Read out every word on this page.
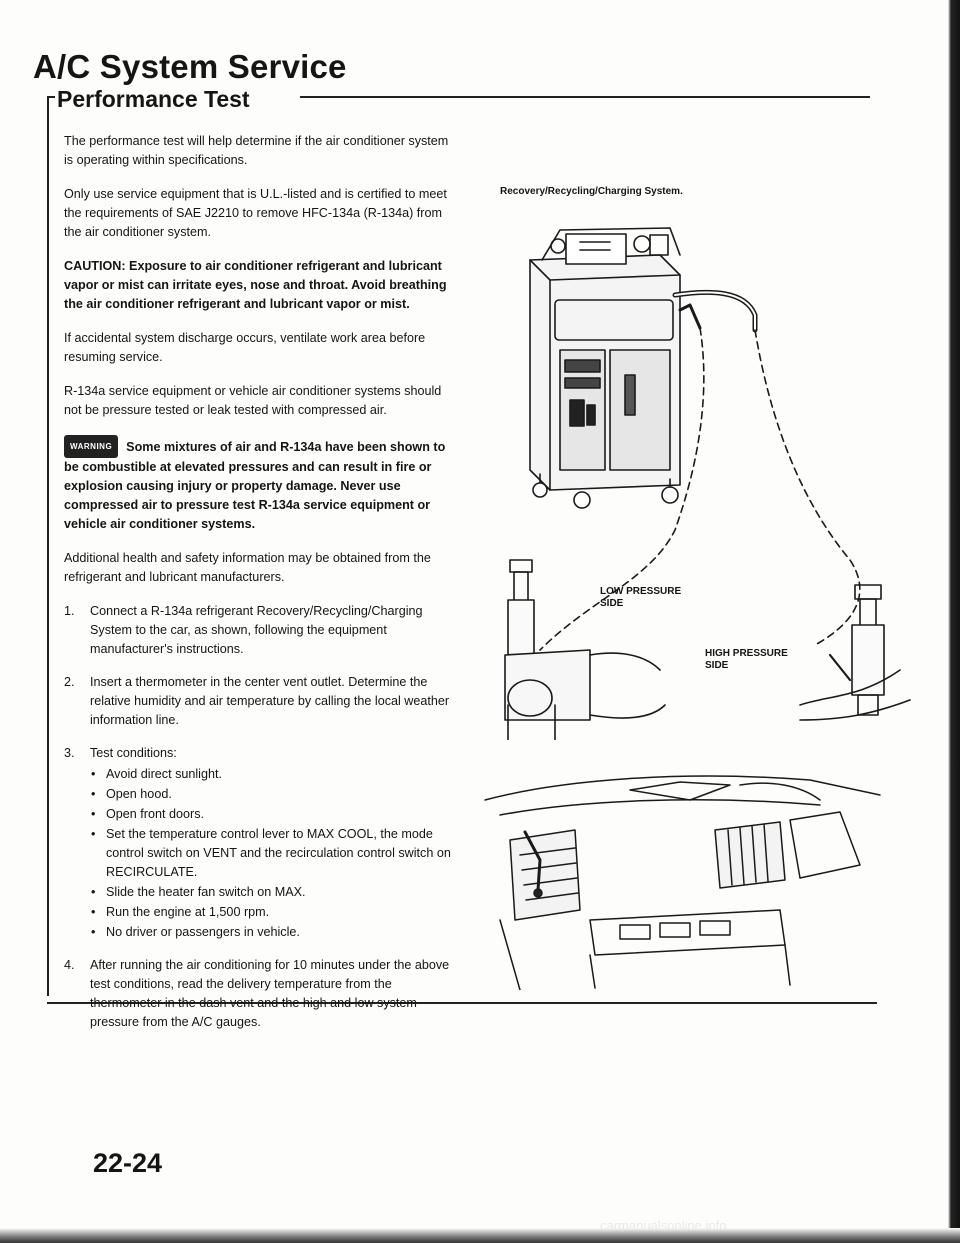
A/C System Service
Performance Test

The performance test will help determine if the air conditioner system is operating within specifications.

Only use service equipment that is U.L.-listed and is certified to meet the requirements of SAE J2210 to remove HFC-134a (R-134a) from the air conditioner system.

CAUTION: Exposure to air conditioner refrigerant and lubricant vapor or mist can irritate eyes, nose and throat. Avoid breathing the air conditioner refrigerant and lubricant vapor or mist.

If accidental system discharge occurs, ventilate work area before resuming service.

R-134a service equipment or vehicle air conditioner systems should not be pressure tested or leak tested with compressed air.

WARNING Some mixtures of air and R-134a have been shown to be combustible at elevated pressures and can result in fire or explosion causing injury or property damage. Never use compressed air to pressure test R-134a service equipment or vehicle air conditioner systems.

Additional health and safety information may be obtained from the refrigerant and lubricant manufacturers.

1. Connect a R-134a refrigerant Recovery/Recycling/Charging System to the car, as shown, following the equipment manufacturer's instructions.
2. Insert a thermometer in the center vent outlet. Determine the relative humidity and air temperature by calling the local weather information line.
3. Test conditions:
• Avoid direct sunlight.
• Open hood.
• Open front doors.
• Set the temperature control lever to MAX COOL, the mode control switch on VENT and the recirculation control switch on RECIRCULATE.
• Slide the heater fan switch on MAX.
• Run the engine at 1,500 rpm.
• No driver or passengers in vehicle.
4. After running the air conditioning for 10 minutes under the above test conditions, read the delivery temperature from the thermometer in the dash vent and the high and low system pressure from the A/C gauges.
Recovery/Recycling/Charging System.
LOW PRESSURE
SIDE
HIGH PRESSURE
SIDE
22-24
carmanualsonline.info
